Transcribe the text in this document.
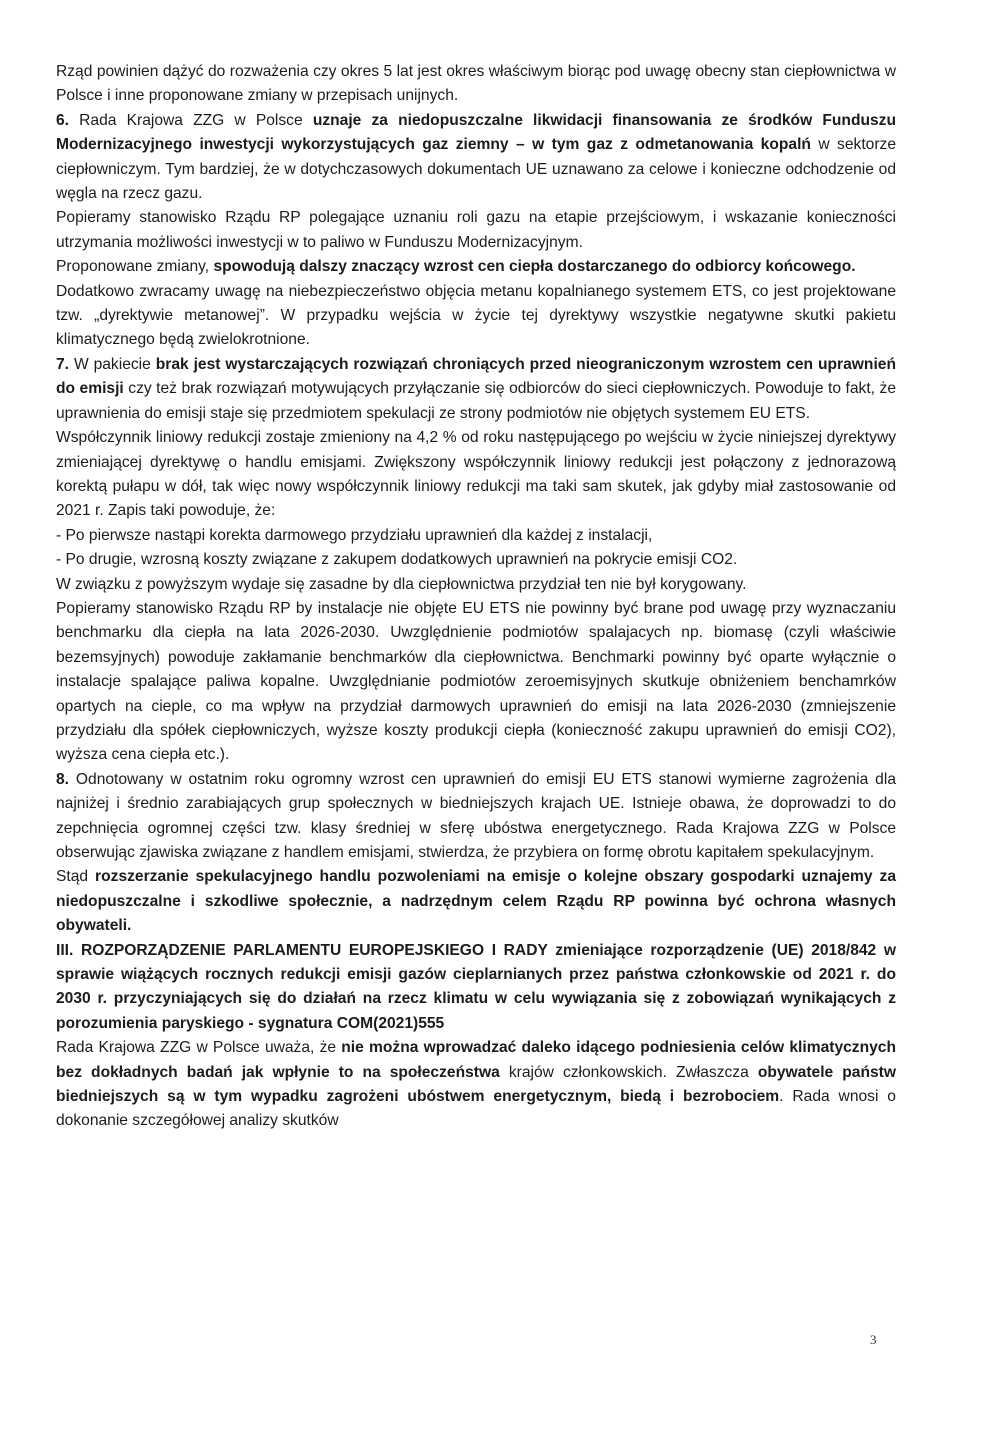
Rząd powinien dążyć do rozważenia czy okres 5 lat jest okres właściwym biorąc pod uwagę obecny stan ciepłownictwa w Polsce i inne proponowane zmiany w przepisach unijnych.

6. Rada Krajowa ZZG w Polsce uznaje za niedopuszczalne likwidacji finansowania ze środków Funduszu Modernizacyjnego inwestycji wykorzystujących gaz ziemny – w tym gaz z odmetanowania kopalń w sektorze ciepłowniczym. Tym bardziej, że w dotychczasowych dokumentach UE uznawano za celowe i konieczne odchodzenie od węgla na rzecz gazu.

Popieramy stanowisko Rządu RP polegające uznaniu roli gazu na etapie przejściowym, i wskazanie konieczności utrzymania możliwości inwestycji w to paliwo w Funduszu Modernizacyjnym.

Proponowane zmiany, spowodują dalszy znaczący wzrost cen ciepła dostarczanego do odbiorcy końcowego.

Dodatkowo zwracamy uwagę na niebezpieczeństwo objęcia metanu kopalnianego systemem ETS, co jest projektowane tzw. „dyrektywie metanowej”. W przypadku wejścia w życie tej dyrektywy wszystkie negatywne skutki pakietu klimatycznego będą zwielokrotnione.

7. W pakiecie brak jest wystarczających rozwiązań chroniących przed nieograniczonym wzrostem cen uprawnień do emisji czy też brak rozwiązań motywujących przyłączanie się odbiorców do sieci ciepłowniczych. Powoduje to fakt, że uprawnienia do emisji staje się przedmiotem spekulacji ze strony podmiotów nie objętych systemem EU ETS.

Współczynnik liniowy redukcji zostaje zmieniony na 4,2 % od roku następującego po wejściu w życie niniejszej dyrektywy zmieniającej dyrektywę o handlu emisjami. Zwiększony współczynnik liniowy redukcji jest połączony z jednorazową korektą pułapu w dół, tak więc nowy współczynnik liniowy redukcji ma taki sam skutek, jak gdyby miał zastosowanie od 2021 r. Zapis taki powoduje, że:

- Po pierwsze nastąpi korekta darmowego przydziału uprawnień dla każdej z instalacji,

- Po drugie, wzrosną koszty związane z zakupem dodatkowych uprawnień na pokrycie emisji CO2.

W związku z powyższym wydaje się zasadne by dla ciepłownictwa przydział ten nie był korygowany.

Popieramy stanowisko Rządu RP by instalacje nie objęte EU ETS nie powinny być brane pod uwagę przy wyznaczaniu benchmarku dla ciepła na lata 2026-2030. Uwzględnienie podmiotów spalajacych np. biomasę (czyli właściwie bezemsyjnych) powoduje zakłamanie benchmarków dla ciepłownictwa. Benchmarki powinny być oparte wyłącznie o instalacje spalające paliwa kopalne. Uwzględnianie podmiotów zeroemisyjnych skutkuje obniżeniem benchamrków opartych na cieple, co ma wpływ na przydział darmowych uprawnień do emisji na lata 2026-2030 (zmniejszenie przydziału dla spółek ciepłowniczych, wyższe koszty produkcji ciepła (konieczność zakupu uprawnień do emisji CO2), wyższa cena ciepła etc.).

8. Odnotowany w ostatnim roku ogromny wzrost cen uprawnień do emisji EU ETS stanowi wymierne zagrożenia dla najniżej i średnio zarabiających grup społecznych w biedniejszych krajach UE. Istnieje obawa, że doprowadzi to do zepchnięcia ogromnej części tzw. klasy średniej w sferę ubóstwa energetycznego. Rada Krajowa ZZG w Polsce obserwując zjawiska związane z handlem emisjami, stwierdza, że przybiera on formę obrotu kapitałem spekulacyjnym.

Stąd rozszerzanie spekulacyjnego handlu pozwoleniami na emisje o kolejne obszary gospodarki uznajemy za niedopuszczalne i szkodliwe społecznie, a nadrzędnym celem Rządu RP powinna być ochrona własnych obywateli.

III. ROZPORZĄDZENIE PARLAMENTU EUROPEJSKIEGO I RADY zmieniające rozporządzenie (UE) 2018/842 w sprawie wiążących rocznych redukcji emisji gazów cieplarnianych przez państwa członkowskie od 2021 r. do 2030 r. przyczyniających się do działań na rzecz klimatu w celu wywiązania się z zobowiązań wynikających z porozumienia paryskiego - sygnatura COM(2021)555

Rada Krajowa ZZG w Polsce uważa, że nie można wprowadzać daleko idącego podniesienia celów klimatycznych bez dokładnych badań jak wpłynie to na społeczeństwa krajów członkowskich. Zwłaszcza obywatele państw biedniejszych są w tym wypadku zagrożeni ubóstwem energetycznym, biedą i bezrobociem. Rada wnosi o dokonanie szczegółowej analizy skutków

3
